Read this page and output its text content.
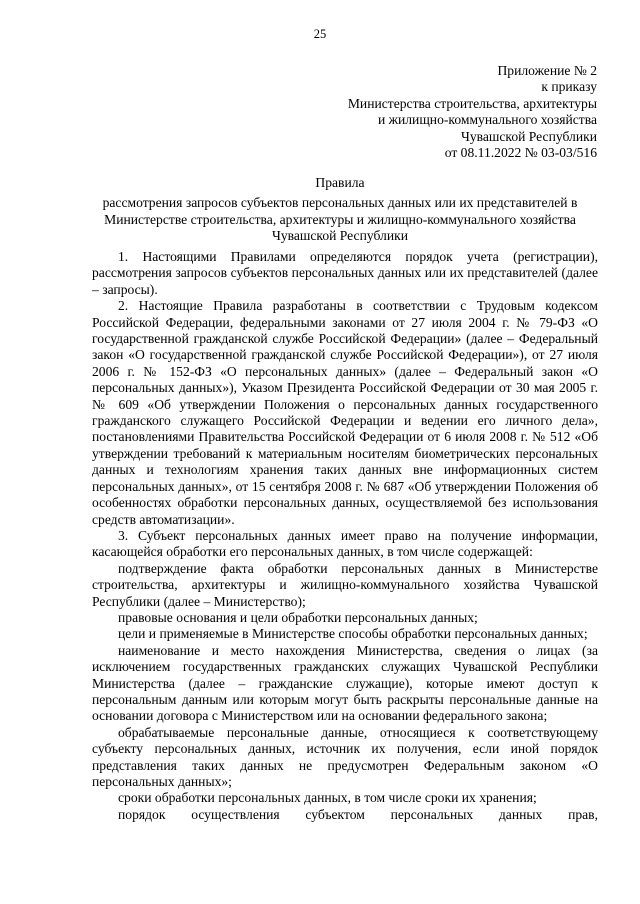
25
Приложение № 2
к приказу
Министерства строительства, архитектуры
и жилищно-коммунального хозяйства
Чувашской Республики
от 08.11.2022 № 03-03/516
Правила
рассмотрения запросов субъектов персональных данных или их представителей в
Министерстве строительства, архитектуры и жилищно-коммунального хозяйства
Чувашской Республики

1. Настоящими Правилами определяются порядок учета (регистрации), рассмотрения запросов субъектов персональных данных или их представителей (далее – запросы).

2. Настоящие Правила разработаны в соответствии с Трудовым кодексом Российской Федерации, федеральными законами от 27 июля 2004 г. № 79-ФЗ «О государственной гражданской службе Российской Федерации» (далее – Федеральный закон «О государственной гражданской службе Российской Федерации»), от 27 июля 2006 г. № 152-ФЗ «О персональных данных» (далее – Федеральный закон «О персональных данных»), Указом Президента Российской Федерации от 30 мая 2005 г. № 609 «Об утверждении Положения о персональных данных государственного гражданского служащего Российской Федерации и ведении его личного дела», постановлениями Правительства Российской Федерации от 6 июля 2008 г. № 512 «Об утверждении требований к материальным носителям биометрических персональных данных и технологиям хранения таких данных вне информационных систем персональных данных», от 15 сентября 2008 г. № 687 «Об утверждении Положения об особенностях обработки персональных данных, осуществляемой без использования средств автоматизации».

3. Субъект персональных данных имеет право на получение информации, касающейся обработки его персональных данных, в том числе содержащей:

подтверждение факта обработки персональных данных в Министерстве строительства, архитектуры и жилищно-коммунального хозяйства Чувашской Республики (далее – Министерство);

правовые основания и цели обработки персональных данных;

цели и применяемые в Министерстве способы обработки персональных данных;

наименование и место нахождения Министерства, сведения о лицах (за исключением государственных гражданских служащих Чувашской Республики Министерства (далее – гражданские служащие), которые имеют доступ к персональным данным или которым могут быть раскрыты персональные данные на основании договора с Министерством или на основании федерального закона;

обрабатываемые персональные данные, относящиеся к соответствующему субъекту персональных данных, источник их получения, если иной порядок представления таких данных не предусмотрен Федеральным законом «О персональных данных»;

сроки обработки персональных данных, в том числе сроки их хранения;

порядок осуществления субъектом персональных данных прав,
